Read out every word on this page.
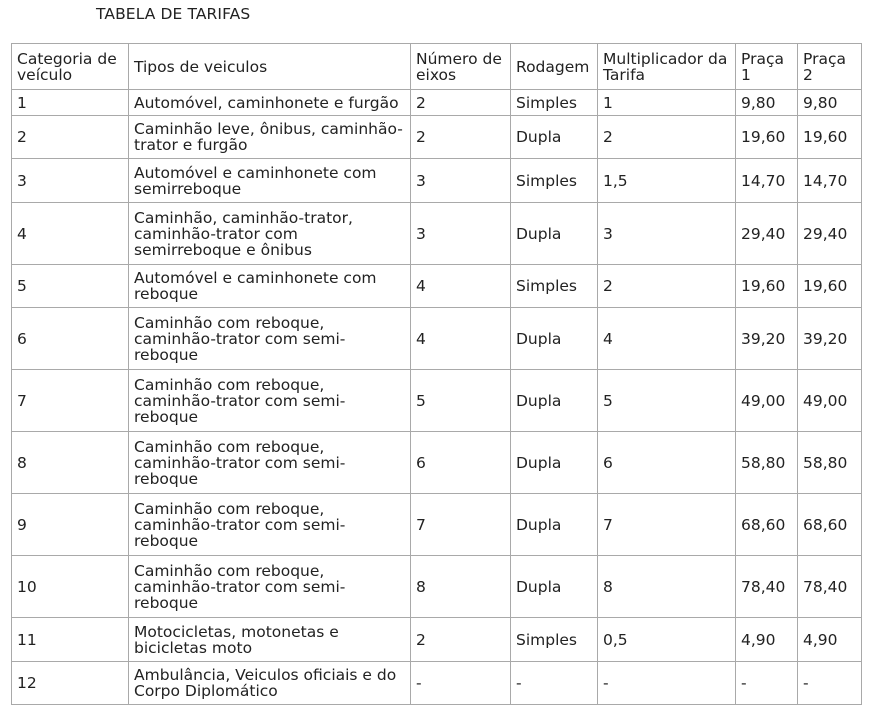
TABELA DE TARIFAS
Categoria de veículo	Tipos de veiculos	Número de eixos	Rodagem	Multiplicador da Tarifa	Praça 1	Praça 2
1	Automóvel, caminhonete e furgão	2	Simples	1	9,80	9,80
2	Caminhão leve, ônibus, caminhão-trator e furgão	2	Dupla	2	19,60	19,60
3	Automóvel e caminhonete com semirreboque	3	Simples	1,5	14,70	14,70
4	Caminhão, caminhão-trator, caminhão-trator com semirreboque e ônibus	3	Dupla	3	29,40	29,40
5	Automóvel e caminhonete com reboque	4	Simples	2	19,60	19,60
6	Caminhão com reboque, caminhão-trator com semi-reboque	4	Dupla	4	39,20	39,20
7	Caminhão com reboque, caminhão-trator com semi-reboque	5	Dupla	5	49,00	49,00
8	Caminhão com reboque, caminhão-trator com semi-reboque	6	Dupla	6	58,80	58,80
9	Caminhão com reboque, caminhão-trator com semi-reboque	7	Dupla	7	68,60	68,60
10	Caminhão com reboque, caminhão-trator com semi-reboque	8	Dupla	8	78,40	78,40
11	Motocicletas, motonetas e bicicletas moto	2	Simples	0,5	4,90	4,90
12	Ambulância, Veiculos oficiais e do Corpo Diplomático	-	-	-	-	-
